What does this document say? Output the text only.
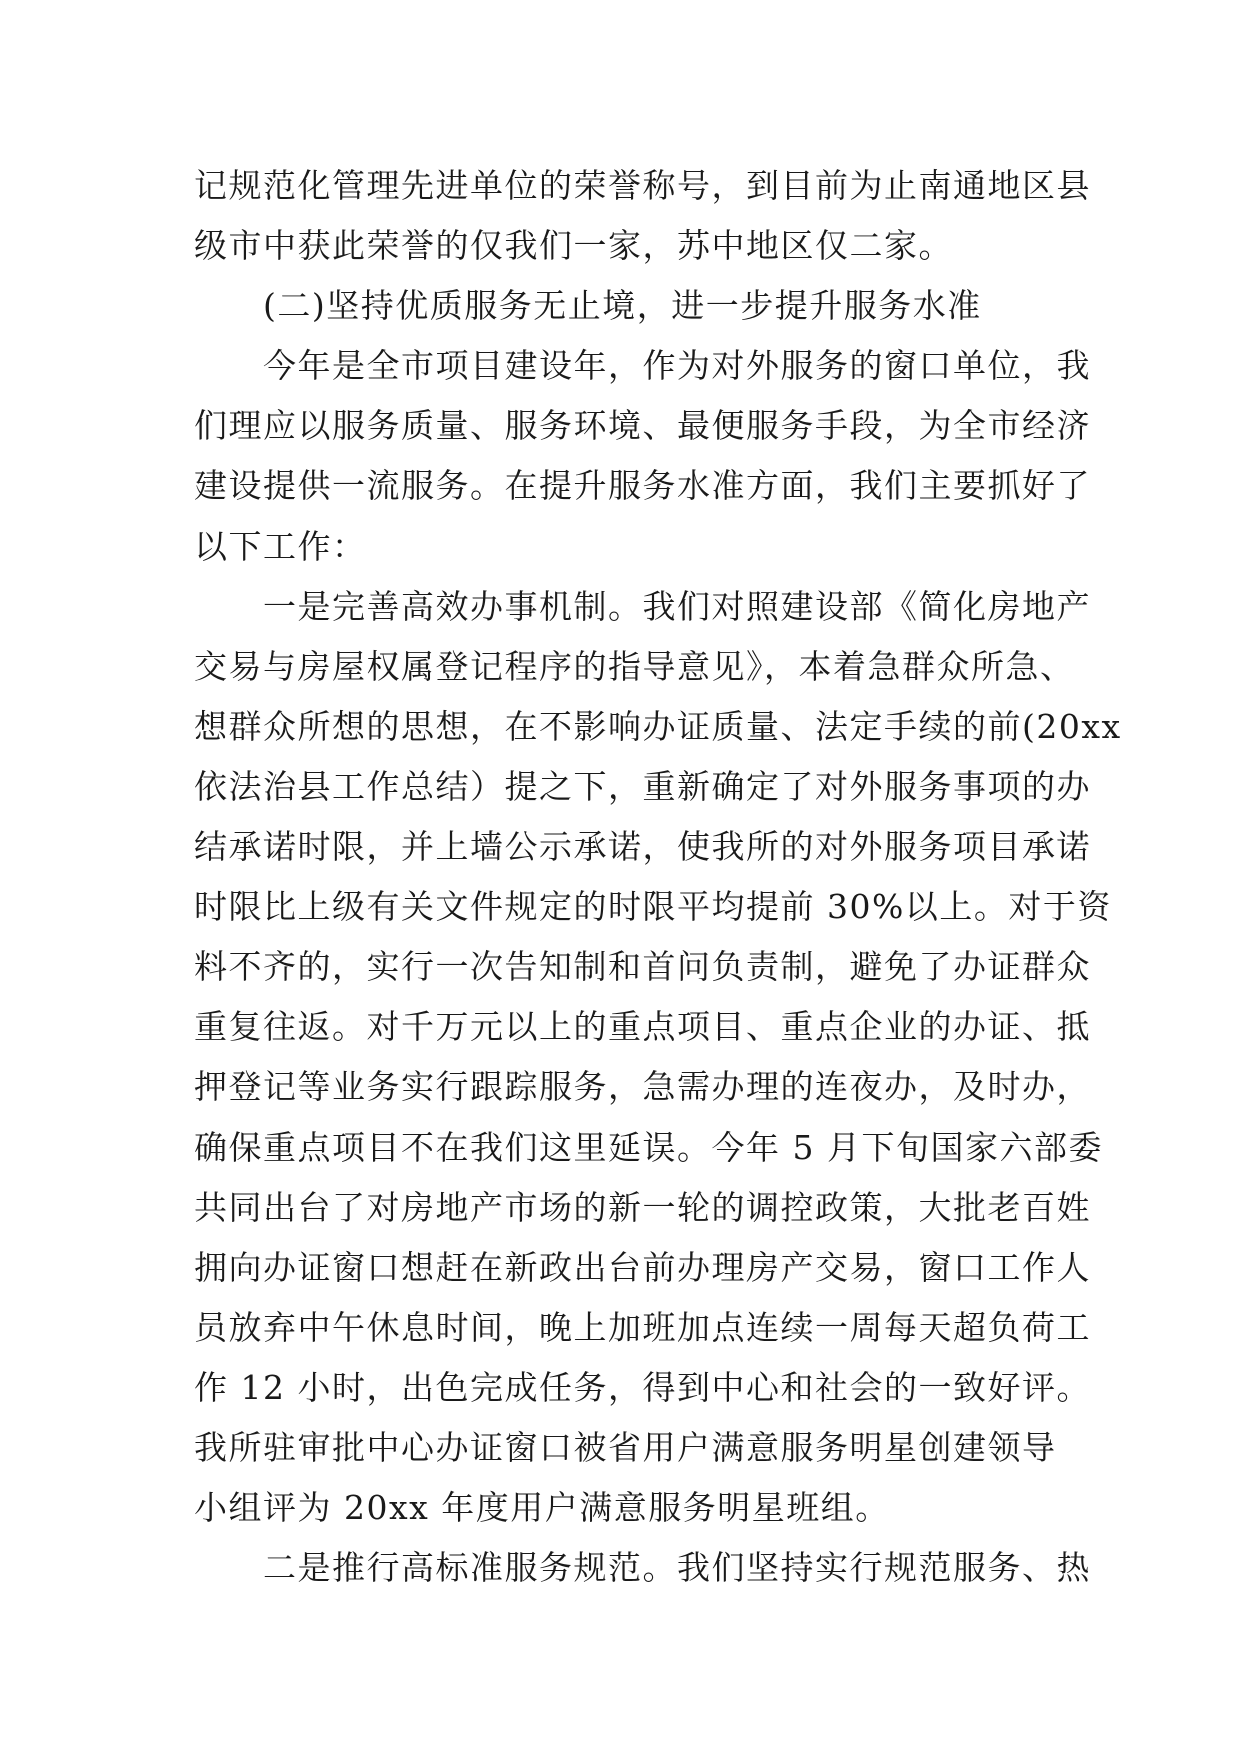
记规范化管理先进单位的荣誉称号，到目前为止南通地区县
级市中获此荣誉的仅我们一家，苏中地区仅二家。
　　(二)坚持优质服务无止境，进一步提升服务水准
　　今年是全市项目建设年，作为对外服务的窗口单位，我
们理应以服务质量、服务环境、最便服务手段，为全市经济
建设提供一流服务。在提升服务水准方面，我们主要抓好了
以下工作：
　　一是完善高效办事机制。我们对照建设部《简化房地产
交易与房屋权属登记程序的指导意见》，本着急群众所急、
想群众所想的思想，在不影响办证质量、法定手续的前(20xx
依法治县工作总结）提之下，重新确定了对外服务事项的办
结承诺时限，并上墙公示承诺，使我所的对外服务项目承诺
时限比上级有关文件规定的时限平均提前 30%以上。对于资
料不齐的，实行一次告知制和首问负责制，避免了办证群众
重复往返。对千万元以上的重点项目、重点企业的办证、抵
押登记等业务实行跟踪服务，急需办理的连夜办，及时办，
确保重点项目不在我们这里延误。今年 5 月下旬国家六部委
共同出台了对房地产市场的新一轮的调控政策，大批老百姓
拥向办证窗口想赶在新政出台前办理房产交易，窗口工作人
员放弃中午休息时间，晚上加班加点连续一周每天超负荷工
作 12 小时，出色完成任务，得到中心和社会的一致好评。
我所驻审批中心办证窗口被省用户满意服务明星创建领导
小组评为 20xx 年度用户满意服务明星班组。
　　二是推行高标准服务规范。我们坚持实行规范服务、热
